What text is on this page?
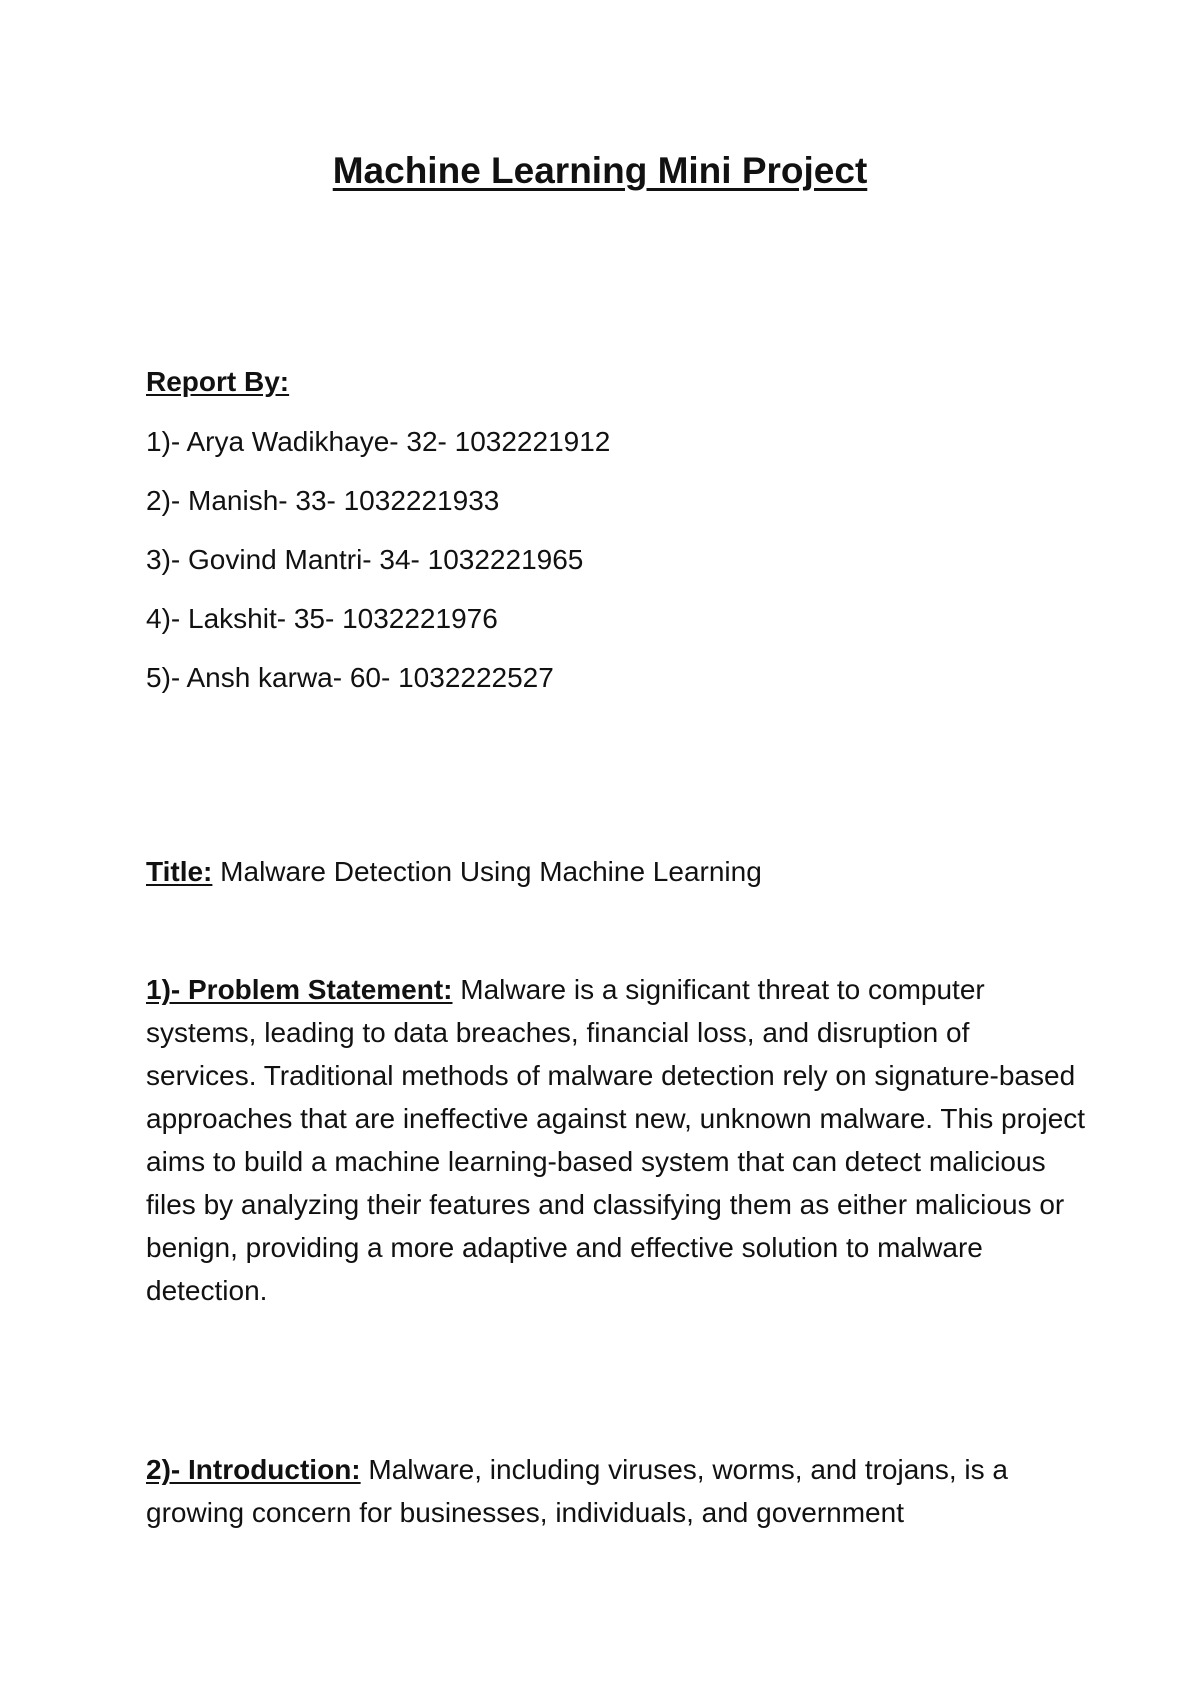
Machine Learning Mini Project

Report By:

1)- Arya Wadikhaye- 32- 1032221912
2)- Manish- 33- 1032221933
3)- Govind Mantri- 34- 1032221965
4)- Lakshit- 35- 1032221976
5)- Ansh karwa- 60- 1032222527

Title: Malware Detection Using Machine Learning

1)- Problem Statement: Malware is a significant threat to computer systems, leading to data breaches, financial loss, and disruption of services. Traditional methods of malware detection rely on signature-based approaches that are ineffective against new, unknown malware. This project aims to build a machine learning-based system that can detect malicious files by analyzing their features and classifying them as either malicious or benign, providing a more adaptive and effective solution to malware detection.

2)- Introduction: Malware, including viruses, worms, and trojans, is a growing concern for businesses, individuals, and government
